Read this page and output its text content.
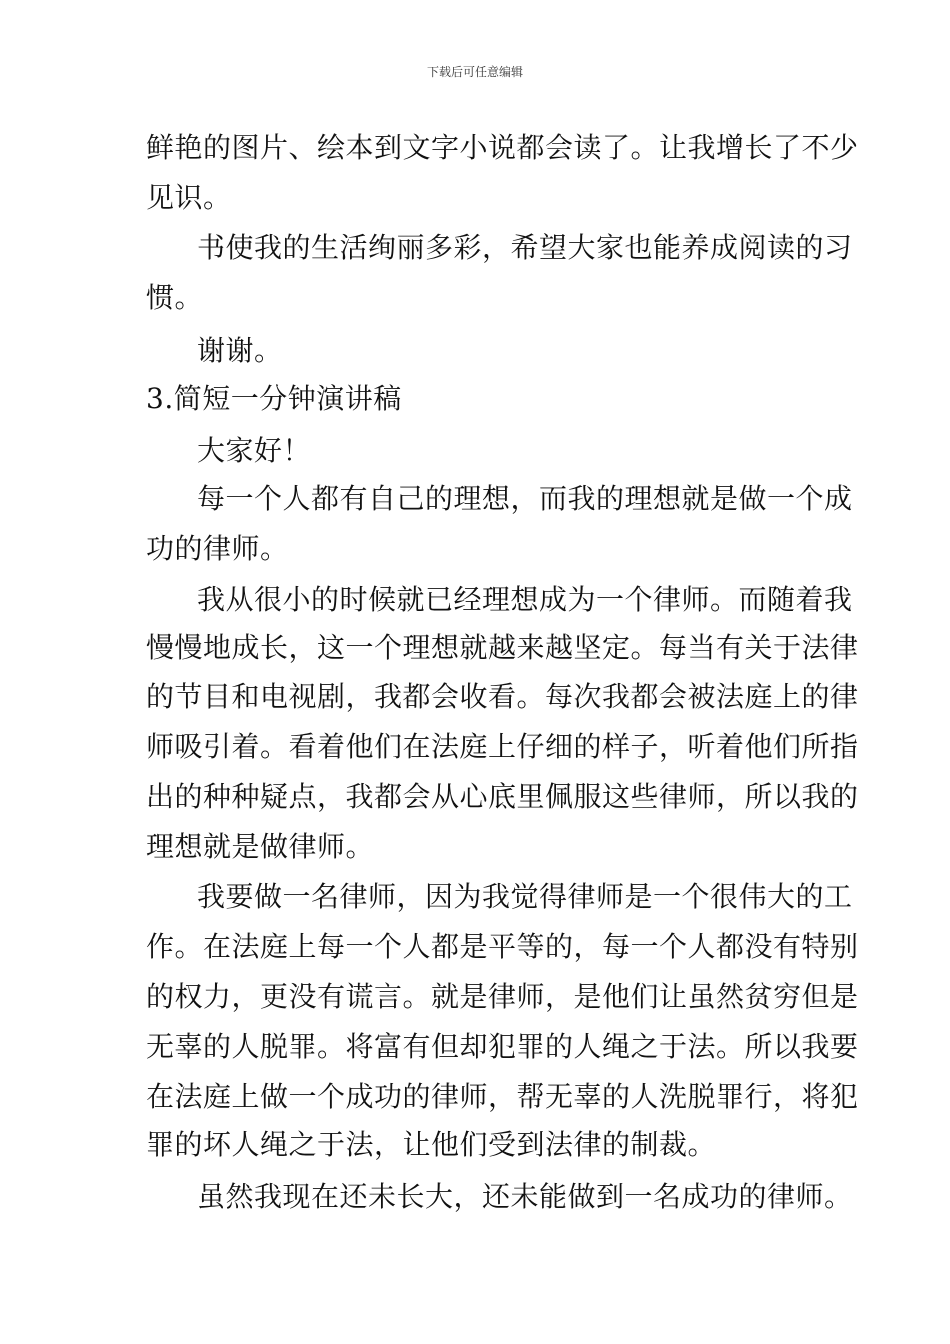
下载后可任意编辑
鲜艳的图片、绘本到文字小说都会读了。让我增长了不少
见识。
书使我的生活绚丽多彩，希望大家也能养成阅读的习
惯。
谢谢。
3.简短一分钟演讲稿
大家好！
每一个人都有自己的理想，而我的理想就是做一个成
功的律师。
我从很小的时候就已经理想成为一个律师。而随着我
慢慢地成长，这一个理想就越来越坚定。每当有关于法律
的节目和电视剧，我都会收看。每次我都会被法庭上的律
师吸引着。看着他们在法庭上仔细的样子，听着他们所指
出的种种疑点，我都会从心底里佩服这些律师，所以我的
理想就是做律师。
我要做一名律师，因为我觉得律师是一个很伟大的工
作。在法庭上每一个人都是平等的，每一个人都没有特别
的权力，更没有谎言。就是律师，是他们让虽然贫穷但是
无辜的人脱罪。将富有但却犯罪的人绳之于法。所以我要
在法庭上做一个成功的律师，帮无辜的人洗脱罪行，将犯
罪的坏人绳之于法，让他们受到法律的制裁。
虽然我现在还未长大，还未能做到一名成功的律师。
